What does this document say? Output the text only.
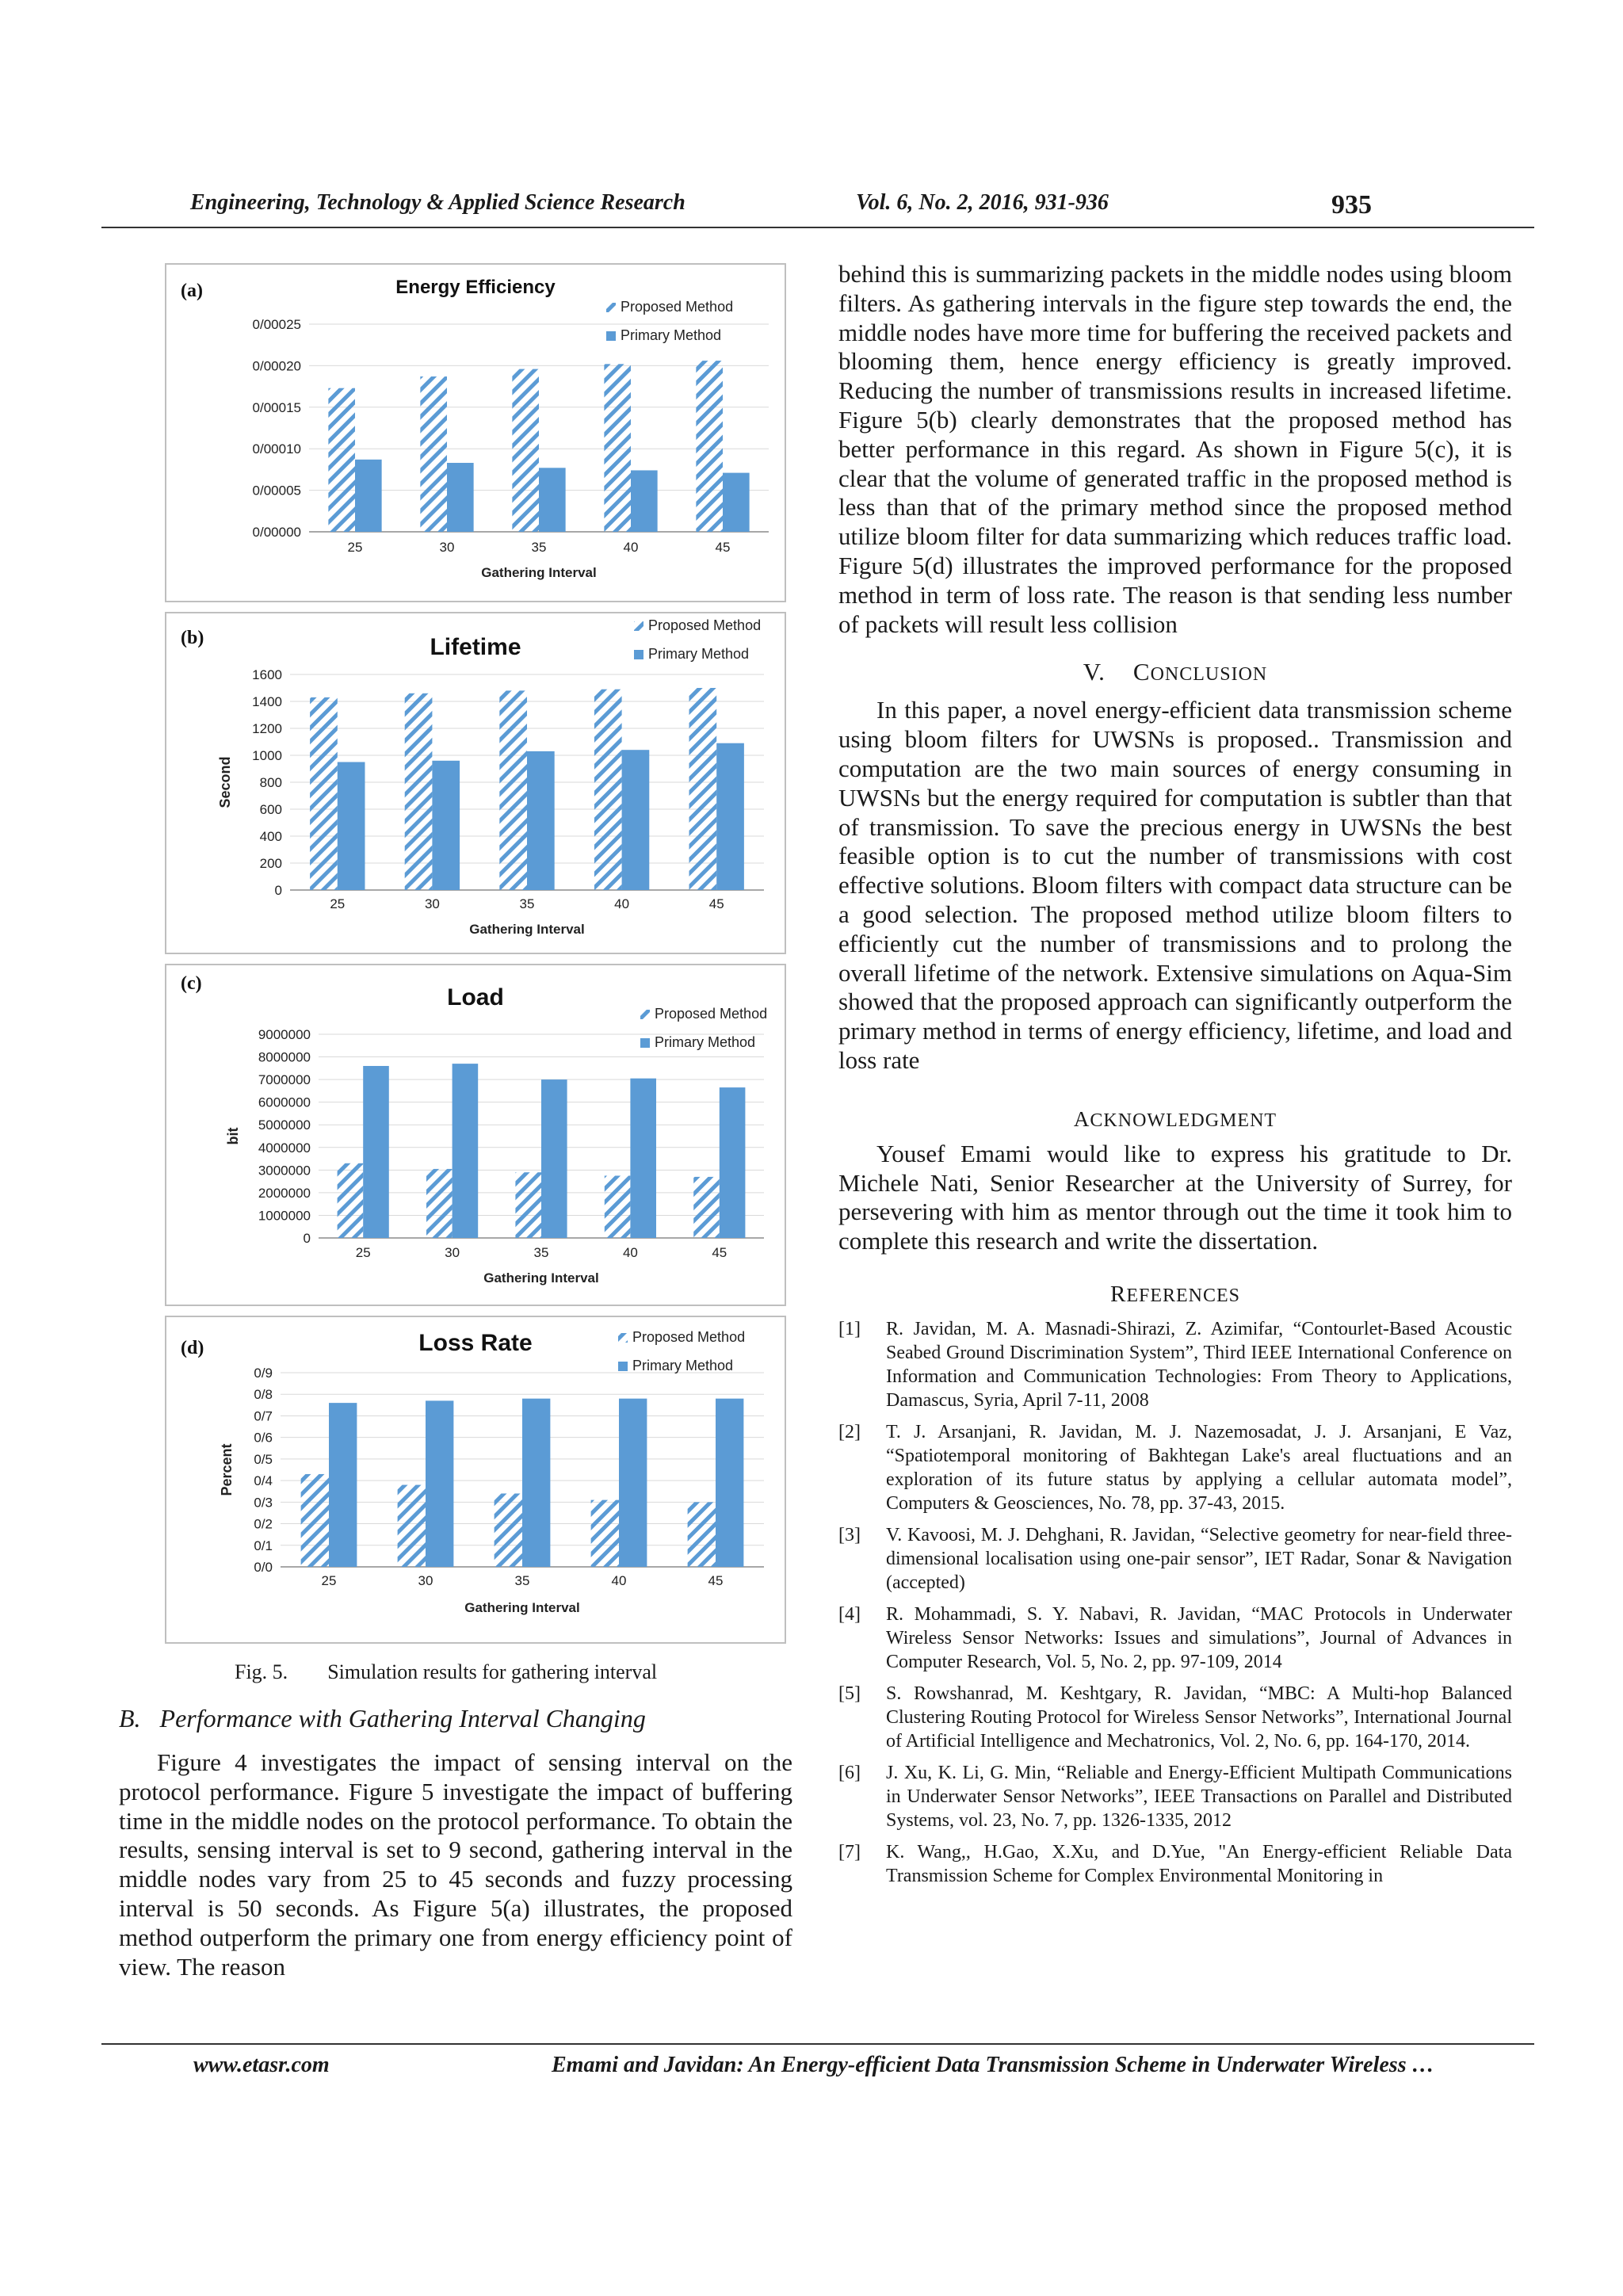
Engineering, Technology & Applied Science Research	Vol. 6, No. 2, 2016, 931-936	935
(a)	Energy Efficiency
0/00000
0/00005
0/00010
0/00015
0/00020
0/00025
25	30	35	40	45
Gathering Interval
Proposed Method
Primary Method
(b)	Lifetime
0
200
400
600
800
1000
1200
1400
1600
25	30	35	40	45
Gathering Interval
Second
Proposed Method
Primary Method
(c)
Load
0
1000000
2000000
3000000
4000000
5000000
6000000
7000000
8000000
9000000
25	30	35	40	45
Gathering Interval
bit
Proposed Method
Primary Method
(d)	Loss Rate
0/0
0/1
0/2
0/3
0/4
0/5
0/6
0/7
0/8
0/9
25	30	35	40	45
Gathering Interval
Percent
Proposed Method
Primary Method
Fig. 5. Simulation results for gathering interval
B.  Performance with Gathering Interval Changing

Figure 4 investigates the impact of sensing interval on the protocol performance. Figure 5 investigate the impact of buffering time in the middle nodes on the protocol performance. To obtain the results, sensing interval is set to 9 second, gathering interval in the middle nodes vary from 25 to 45 seconds and fuzzy processing interval is 50 seconds. As Figure 5(a) illustrates, the proposed method outperform the primary one from energy efficiency point of view. The reason

behind this is summarizing packets in the middle nodes using bloom filters. As gathering intervals in the figure step towards the end, the middle nodes have more time for buffering the received packets and blooming them, hence energy efficiency is greatly improved. Reducing the number of transmissions results in increased lifetime. Figure 5(b) clearly demonstrates that the proposed method has better performance in this regard. As shown in Figure 5(c), it is clear that the volume of generated traffic in the proposed method is less than that of the primary method since the proposed method utilize bloom filter for data summarizing which reduces traffic load. Figure 5(d) illustrates the improved performance for the proposed method in term of loss rate. The reason is that sending less number of packets will result less collision
V. CONCLUSION

In this paper, a novel energy-efficient data transmission scheme using bloom filters for UWSNs is proposed.. Transmission and computation are the two main sources of energy consuming in UWSNs but the energy required for computation is subtler than that of transmission. To save the precious energy in UWSNs the best feasible option is to cut the number of transmissions with cost effective solutions. Bloom filters with compact data structure can be a good selection. The proposed method utilize bloom filters to efficiently cut the number of transmissions and to prolong the overall lifetime of the network. Extensive simulations on Aqua-Sim showed that the proposed approach can significantly outperform the primary method in terms of energy efficiency, lifetime, and load and loss rate

ACKNOWLEDGMENT

Yousef Emami would like to express his gratitude to Dr. Michele Nati, Senior Researcher at the University of Surrey, for persevering with him as mentor through out the time it took him to complete this research and write the dissertation.

REFERENCES
[1]	R. Javidan, M. A. Masnadi-Shirazi, Z. Azimifar, “Contourlet-Based Acoustic Seabed Ground Discrimination System”, Third IEEE International Conference on Information and Communication Technologies: From Theory to Applications, Damascus, Syria, April 7-11, 2008
[2]	T. J. Arsanjani, R. Javidan, M. J. Nazemosadat, J. J. Arsanjani, E Vaz, “Spatiotemporal monitoring of Bakhtegan Lake's areal fluctuations and an exploration of its future status by applying a cellular automata model”, Computers & Geosciences, No. 78, pp. 37-43, 2015.
[3]	V. Kavoosi, M. J. Dehghani, R. Javidan, “Selective geometry for near-field three-dimensional localisation using one-pair sensor”, IET Radar, Sonar & Navigation (accepted)
[4]	R. Mohammadi, S. Y. Nabavi, R. Javidan, “MAC Protocols in Underwater Wireless Sensor Networks: Issues and simulations”, Journal of Advances in Computer Research, Vol. 5, No. 2, pp. 97-109, 2014
[5]	S. Rowshanrad, M. Keshtgary, R. Javidan, “MBC: A Multi-hop Balanced Clustering Routing Protocol for Wireless Sensor Networks”, International Journal of Artificial Intelligence and Mechatronics, Vol. 2, No. 6, pp. 164-170, 2014.
[6]	J. Xu, K. Li, G. Min, “Reliable and Energy-Efficient Multipath Communications in Underwater Sensor Networks”, IEEE Transactions on Parallel and Distributed Systems, vol. 23, No. 7, pp. 1326-1335, 2012
[7]	K. Wang,, H.Gao, X.Xu, and D.Yue, "An Energy-efficient Reliable Data Transmission Scheme for Complex Environmental Monitoring in
www.etasr.com	Emami and Javidan: An Energy-efficient Data Transmission Scheme in Underwater Wireless …
